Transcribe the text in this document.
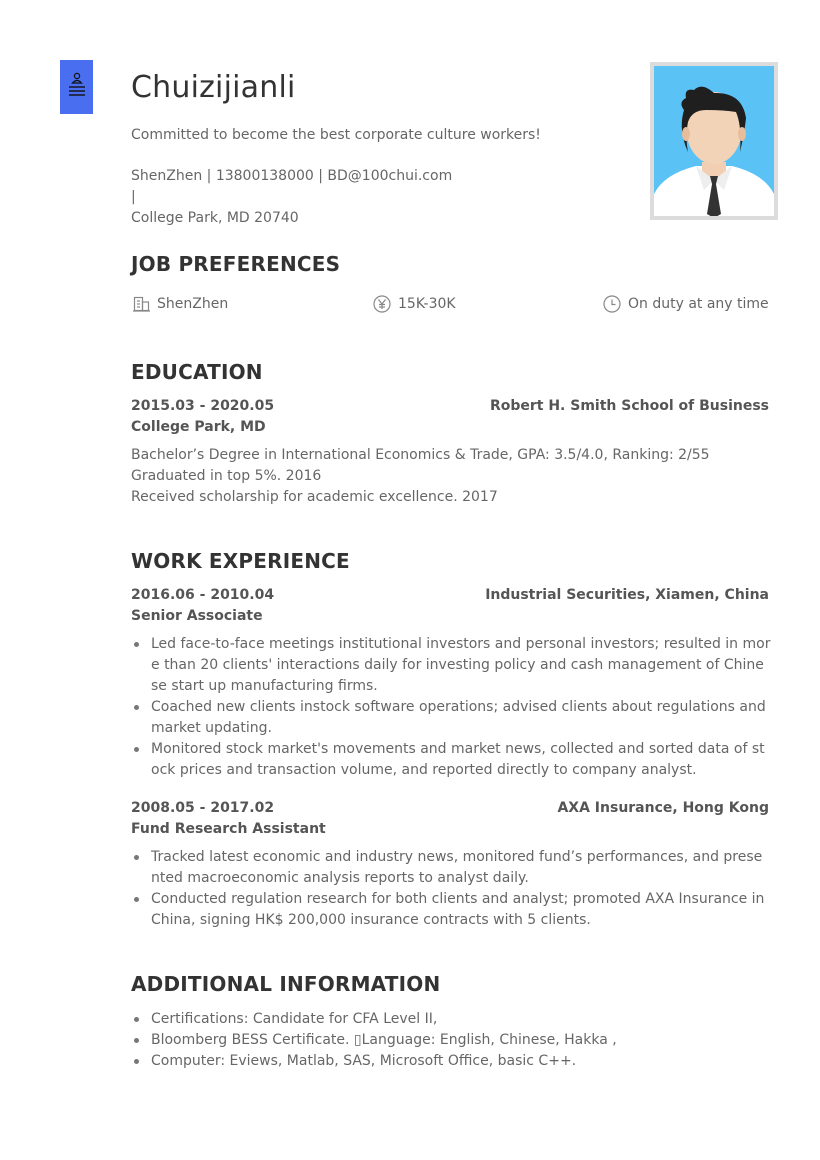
Chuizijianli
Committed to become the best corporate culture workers!
ShenZhen | 13800138000 | BD@100chui.com |
College Park, MD 20740
JOB PREFERENCES
ShenZhen	15K-30K	On duty at any time
EDUCATION
2015.03 - 2020.05	Robert H. Smith School of Business
College Park, MD
Bachelor’s Degree in International Economics & Trade, GPA: 3.5/4.0, Ranking: 2/55
Graduated in top 5%. 2016
Received scholarship for academic excellence. 2017
WORK EXPERIENCE
2016.06 - 2010.04	Industrial Securities, Xiamen, China
Senior Associate
Led face-to-face meetings institutional investors and personal investors; resulted in more than 20 clients' interactions daily for investing policy and cash management of Chinese start up manufacturing firms.
Coached new clients instock software operations; advised clients about regulations and market updating.
Monitored stock market's movements and market news, collected and sorted data of stock prices and transaction volume, and reported directly to company analyst.
2008.05 - 2017.02	AXA Insurance, Hong Kong
Fund Research Assistant
Tracked latest economic and industry news, monitored fund’s performances, and presented macroeconomic analysis reports to analyst daily.
Conducted regulation research for both clients and analyst; promoted AXA Insurance in China, signing HK$ 200,000 insurance contracts with 5 clients.
ADDITIONAL INFORMATION
Certifications: Candidate for CFA Level II,
Bloomberg BESS Certificate. ▯Language: English, Chinese, Hakka ,
Computer: Eviews, Matlab, SAS, Microsoft Office, basic C++.
